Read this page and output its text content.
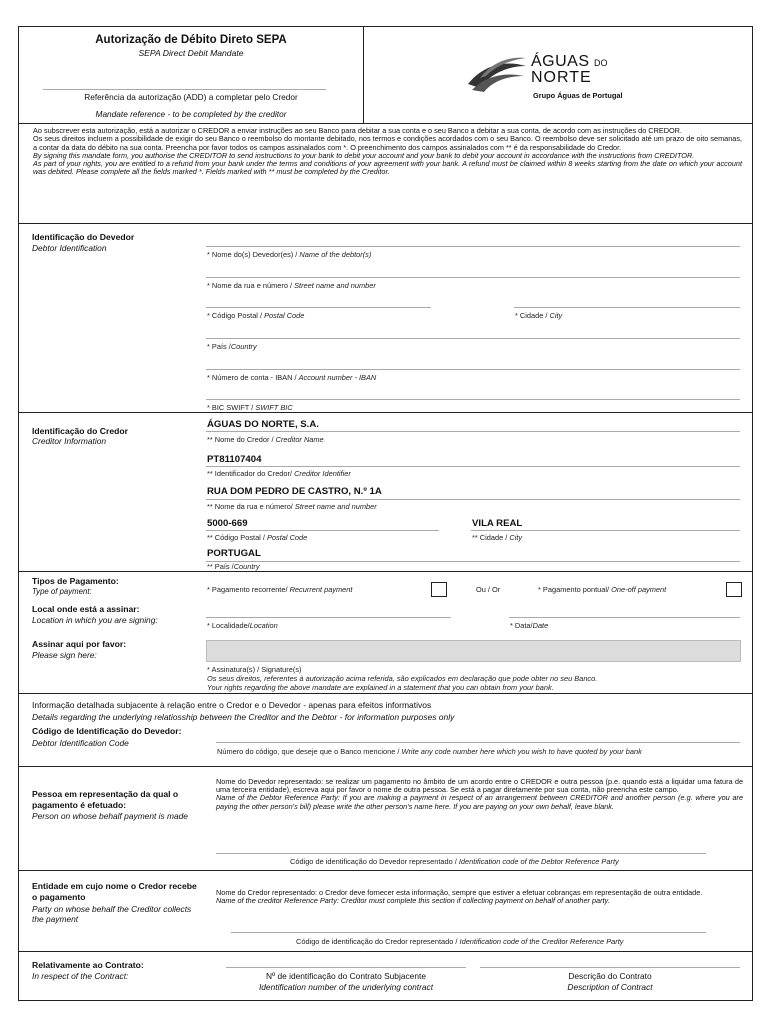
Autorização de Débito Direto SEPA
SEPA Direct Debit Mandate
Referência da autorização (ADD) a completar pelo Credor
Mandate reference - to be completed by the creditor
ÁGUAS DO
NORTE
Grupo Águas de Portugal
Ao subscrever esta autorização, está a autorizar o CREDOR a enviar instruções ao seu Banco para debitar a sua conta e o seu Banco a debitar a sua conta, de acordo com as instruções do CREDOR.
Os seus direitos incluem a possibilidade de exigir do seu Banco o reembolso do montante debitado, nos termos e condições acordados com o seu Banco. O reembolso deve ser solicitado até um prazo de oito semanas, a contar da data do débito na sua conta. Preencha por favor todos os campos assinalados com *. O preenchimento dos campos assinalados com ** é da responsabilidade do Credor.
By signing this mandate form, you authorise the CREDITOR to send instructions to your bank to debit your account and your bank to debit your account in accordance with the instructions from CREDITOR.
As part of your rights, you are entitled to a refund from your bank under the terms and conditions of your agreement with your bank. A refund must be claimed within 8 weeks starting from the date on which your account was debited. Please complete all the fields marked *. Fields marked with ** must be completed by the Creditor.
Identificação do Devedor
Debtor Identification
* Nome do(s) Devedor(es) / Name of the debtor(s)
* Nome da rua e número / Street name and number
* Código Postal / Postal Code	* Cidade / City
* País /Country
* Número de conta - IBAN / Account number - IBAN
* BIC SWIFT / SWIFT BIC
Identificação do Credor
Creditor Information
ÁGUAS DO NORTE, S.A.
** Nome do Credor / Creditor Name
PT81107404
** Identificador do Credor/ Creditor Identifier
RUA DOM PEDRO DE CASTRO, N.º 1A
** Nome da rua e número/ Street name and number
5000-669	VILA REAL
** Código Postal / Postal Code	** Cidade / City
PORTUGAL
** País /Country
Tipos de Pagamento:
Type of payment:	* Pagamento recorrente/ Recurrent payment	Ou / Or	* Pagamento pontual/ One-off payment
Local onde está a assinar:
Location in which you are signing:
* Localidade/Location	* Data/Date
Assinar aqui por favor:
Please sign here:
* Assinatura(s) / Signature(s)
Os seus direitos, referentes à autorização acima referida, são explicados em declaração que pode obter no seu Banco.
Your rights regarding the above mandate are explained in a statement that you can obtain from your bank.
Informação detalhada subjacente à relação entre o Credor e o Devedor - apenas para efeitos informativos
Details regarding the underlying relatiosship between the Creditor and the Debtor - for information purposes only
Código de Identificação do Devedor:
Debtor Identification Code
Número do código, que deseje que o Banco mencione / Write any code number here which you wish to have quoted by your bank
Pessoa em representação da qual o pagamento é efetuado:
Person on whose behalf payment is made
Nome do Devedor representado: se realizar um pagamento no âmbito de um acordo entre o CREDOR e outra pessoa (p.e. quando está a liquidar uma fatura de uma terceira entidade), escreva aqui por favor o nome de outra pessoa. Se está a pagar diretamente por sua conta, não preencha este campo.
Name of the Debtor Reference Party: If you are making a payment in respect of an arrangement between CREDITOR and another person (e.g. where you are paying the other person's bill) please write the other person's name here. If you are paying on your own behalf, leave blank.
Código de identificação do Devedor representado / Identification code of the Debtor Reference Party
Entidade em cujo nome o Credor recebe o pagamento
Party on whose behalf the Creditor collects the payment
Nome do Credor representado: o Credor deve fornecer esta informação, sempre que estiver a efetuar cobranças em representação de outra entidade.
Name of the creditor Reference Party: Creditor must complete this section if collecting payment on behalf of another party.
Código de identificação do Credor representado / Identification code of the Creditor Reference Party
Relativamente ao Contrato:
In respect of the Contract:	Nº de identificação do Contrato Subjacente
Identification number of the underlying contract
Descrição do Contrato
Description of Contract
